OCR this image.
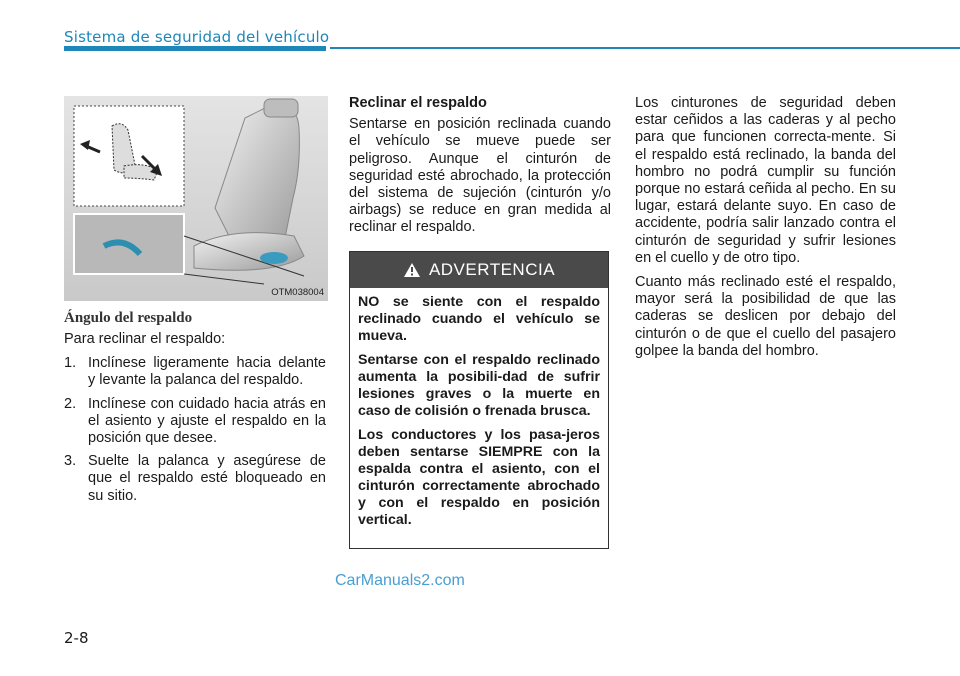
Sistema de seguridad del vehículo
OTM038004
Ángulo del respaldo

Para reclinar el respaldo:

1. Inclínese ligeramente hacia delante y levante la palanca del respaldo.
2. Inclínese con cuidado hacia atrás en el asiento y ajuste el respaldo en la posición que desee.
3. Suelte la palanca y asegúrese de que el respaldo esté bloqueado en su sitio.

Reclinar el respaldo

Sentarse en posición reclinada cuando el vehículo se mueve puede ser peligroso. Aunque el cinturón de seguridad esté abrochado, la protección del sistema de sujeción (cinturón y/o airbags) se reduce en gran medida al reclinar el respaldo.

ADVERTENCIA

NO se siente con el respaldo reclinado cuando el vehículo se mueva.

Sentarse con el respaldo reclinado aumenta la posibili-dad de sufrir lesiones graves o la muerte en caso de colisión o frenada brusca.

Los conductores y los pasa-jeros deben sentarse SIEMPRE con la espalda contra el asiento, con el cinturón correctamente abrochado y con el respaldo en posición vertical.

Los cinturones de seguridad deben estar ceñidos a las caderas y al pecho para que funcionen correcta-mente. Si el respaldo está reclinado, la banda del hombro no podrá cumplir su función porque no estará ceñida al pecho. En su lugar, estará delante suyo. En caso de accidente, podría salir lanzado contra el cinturón de seguridad y sufrir lesiones en el cuello y de otro tipo.

Cuanto más reclinado esté el respaldo, mayor será la posibilidad de que las caderas se deslicen por debajo del cinturón o de que el cuello del pasajero golpee la banda del hombro.

CarManuals2.com
2-8
